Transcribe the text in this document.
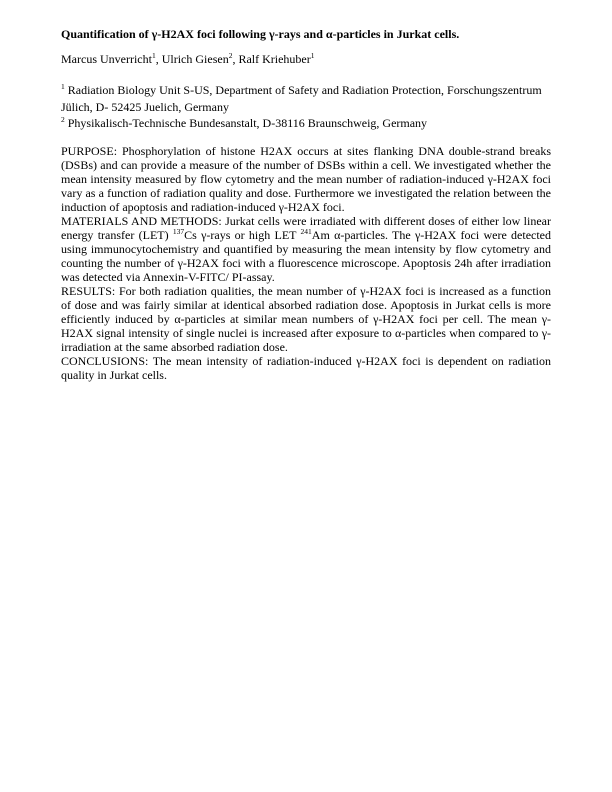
Quantification of γ-H2AX foci following γ-rays and α-particles in Jurkat cells.

Marcus Unverricht$^1$, Ulrich Giesen$^2$, Ralf Kriehuber$^1$

$^1$ Radiation Biology Unit S-US, Department of Safety and Radiation Protection, Forschungszentrum Jülich, D- 52425 Juelich, Germany

$^2$ Physikalisch-Technische Bundesanstalt, D-38116 Braunschweig, Germany

PURPOSE: Phosphorylation of histone H2AX occurs at sites flanking DNA double-strand breaks (DSBs) and can provide a measure of the number of DSBs within a cell. We investigated whether the mean intensity measured by flow cytometry and the mean number of radiation-induced γ-H2AX foci vary as a function of radiation quality and dose. Furthermore we investigated the relation between the induction of apoptosis and radiation-induced γ-H2AX foci.

MATERIALS AND METHODS: Jurkat cells were irradiated with different doses of either low linear energy transfer (LET) $^{137}$Cs γ-rays or high LET $^{241}$Am α-particles. The γ-H2AX foci were detected using immunocytochemistry and quantified by measuring the mean intensity by flow cytometry and counting the number of γ-H2AX foci with a fluorescence microscope. Apoptosis 24h after irradiation was detected via Annexin-V-FITC/ PI-assay.

RESULTS: For both radiation qualities, the mean number of γ-H2AX foci is increased as a function of dose and was fairly similar at identical absorbed radiation dose. Apoptosis in Jurkat cells is more efficiently induced by α-particles at similar mean numbers of γ-H2AX foci per cell. The mean γ-H2AX signal intensity of single nuclei is increased after exposure to α-particles when compared to γ-irradiation at the same absorbed radiation dose.

CONCLUSIONS: The mean intensity of radiation-induced γ-H2AX foci is dependent on radiation quality in Jurkat cells.
